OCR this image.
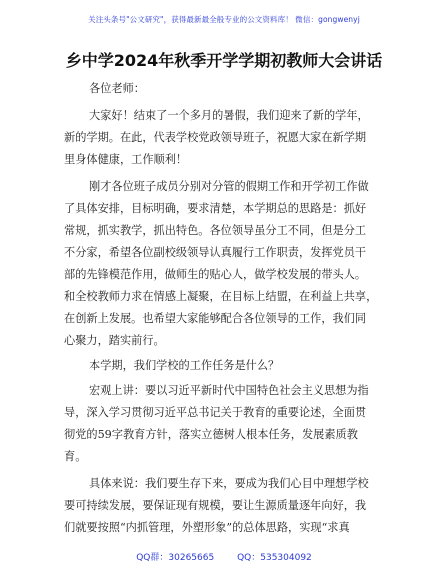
关注头条号"公文研究"，获得最新最全般专业的公文资料库！ 微信：gongwenyj
乡中学2024年秋季开学学期初教师大会讲话
各位老师：
大家好！结束了一个多月的暑假，我们迎来了新的学年，
新的学期。在此，代表学校党政领导班子，祝愿大家在新学期
里身体健康，工作顺利！
刚才各位班子成员分别对分管的假期工作和开学初工作做
了具体安排，目标明确，要求清楚，本学期总的思路是：抓好
常规，抓实教学，抓出特色。各位领导虽分工不同，但是分工
不分家，希望各位副校级领导认真履行工作职责，发挥党员干
部的先锋模范作用，做师生的贴心人，做学校发展的带头人。
和全校教师力求在情感上凝聚，在目标上结盟，在利益上共享，
在创新上发展。也希望大家能够配合各位领导的工作，我们同
心聚力，踏实前行。
本学期，我们学校的工作任务是什么？
宏观上讲：要以习近平新时代中国特色社会主义思想为指
导，深入学习贯彻习近平总书记关于教育的重要论述，全面贯
彻党的59字教育方针，落实立德树人根本任务，发展素质教
育。
具体来说：我们要生存下来，要成为我们心目中理想学校
要可持续发展，要保证现有规模，要让生源质量逐年向好，我
们就要按照“内抓管理，外塑形象”的总体思路，实现“求真
QQ群：30265665	QQ：535304092
